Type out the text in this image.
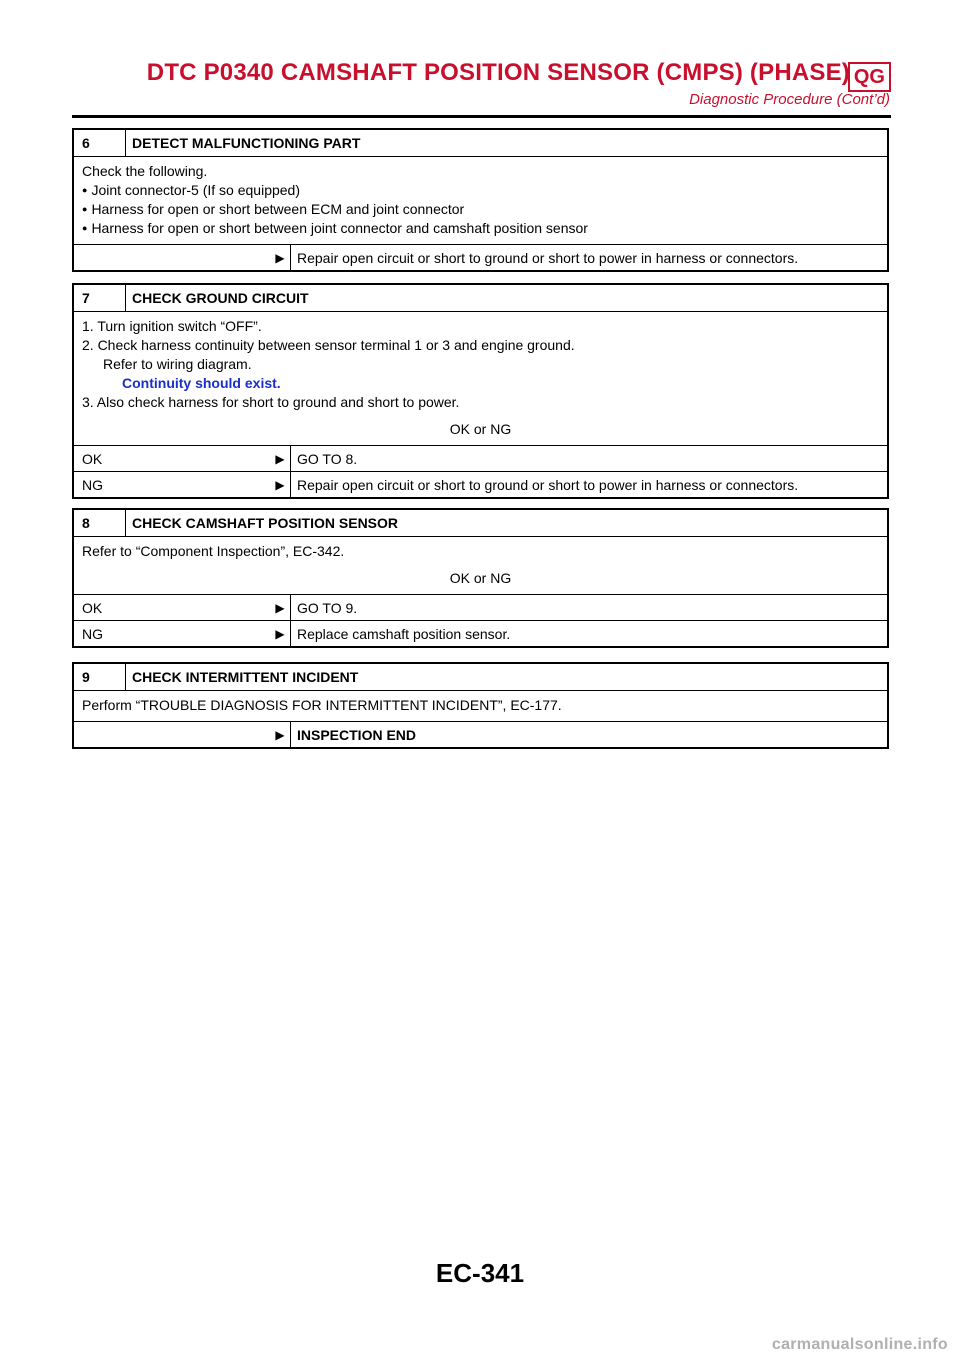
DTC P0340 CAMSHAFT POSITION SENSOR (CMPS) (PHASE) QG
Diagnostic Procedure (Cont’d)
6	DETECT MALFUNCTIONING PART

Check the following.

● Joint connector-5 (If so equipped)

● Harness for open or short between ECM and joint connector

● Harness for open or short between joint connector and camshaft position sensor

▶ Repair open circuit or short to ground or short to power in harness or connectors.
7	CHECK GROUND CIRCUIT

1. Turn ignition switch “OFF”.

2. Check harness continuity between sensor terminal 1 or 3 and engine ground.

Refer to wiring diagram.

Continuity should exist.

3. Also check harness for short to ground and short to power.

OK or NG

OK	▶ GO TO 8.
NG	▶ Repair open circuit or short to ground or short to power in harness or connectors.
8	CHECK CAMSHAFT POSITION SENSOR

Refer to “Component Inspection”, EC-342.

OK or NG

OK	▶ GO TO 9.
NG	▶ Replace camshaft position sensor.
9	CHECK INTERMITTENT INCIDENT

Perform “TROUBLE DIAGNOSIS FOR INTERMITTENT INCIDENT”, EC-177.

▶ INSPECTION END
EC-341
carmanualsonline.info
